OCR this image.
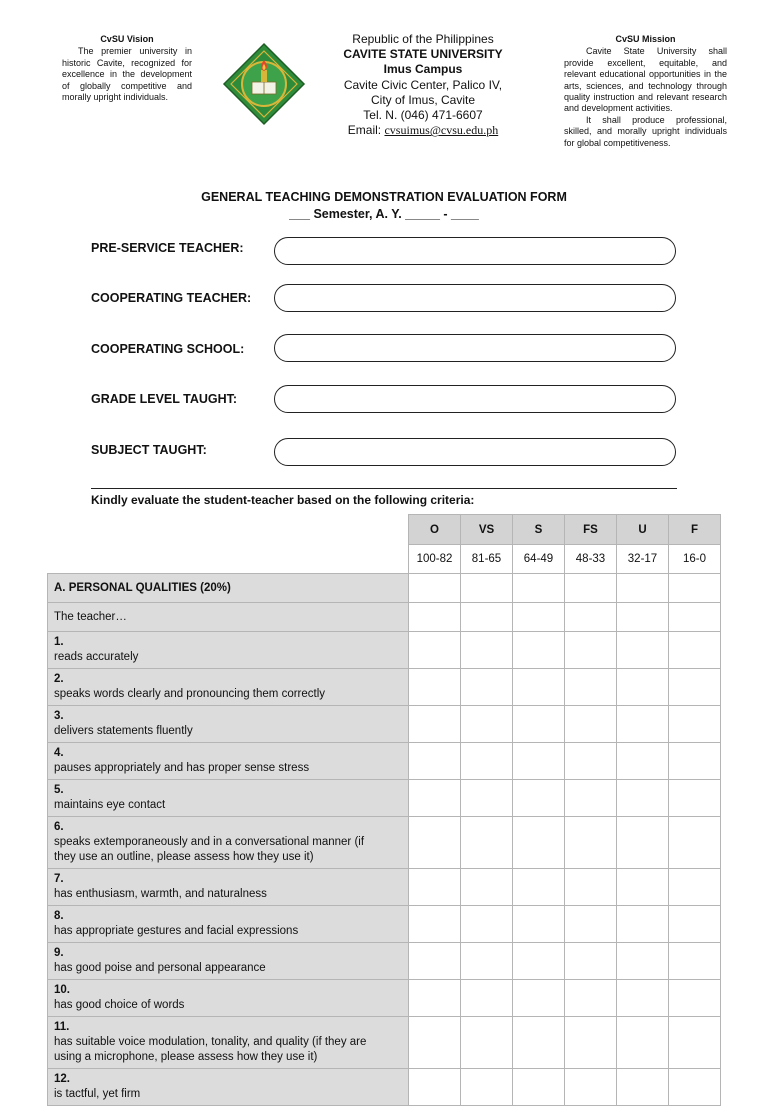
CvSU Vision
The premier university in historic Cavite, recognized for excellence in the development of globally competitive and morally upright individuals.
Republic of the Philippines
CAVITE STATE UNIVERSITY
Imus Campus
Cavite Civic Center, Palico IV,
City of Imus, Cavite
Tel. N. (046) 471-6607
Email: cvsuimus@cvsu.edu.ph
CvSU Mission
Cavite State University shall provide excellent, equitable, and relevant educational opportunities in the arts, sciences, and technology through quality instruction and relevant research and development activities.
It shall produce professional, skilled, and morally upright individuals for global competitiveness.
GENERAL TEACHING DEMONSTRATION EVALUATION FORM
___ Semester, A. Y. _____ - ____
PRE-SERVICE TEACHER:
COOPERATING TEACHER:
COOPERATING SCHOOL:
GRADE LEVEL TAUGHT:
SUBJECT TAUGHT:
Kindly evaluate the student-teacher based on the following criteria:
	O	VS	S	FS	U	F
	100-82	81-65	64-49	48-33	32-17	16-0
A. PERSONAL QUALITIES (20%)						
The teacher…						
1.reads accurately						
2.speaks words clearly and pronouncing them correctly						
3.delivers statements fluently						
4.pauses appropriately and has proper sense stress						
5.maintains eye contact						
6.speaks extemporaneously and in a conversational manner (if they use an outline, please assess how they use it)						
7.has enthusiasm, warmth, and naturalness						
8.has appropriate gestures and facial expressions						
9.has good poise and personal appearance						
10.has good choice of words						
11.has suitable voice modulation, tonality, and quality (if they are using a microphone, please assess how they use it)						
12.is tactful, yet firm						
